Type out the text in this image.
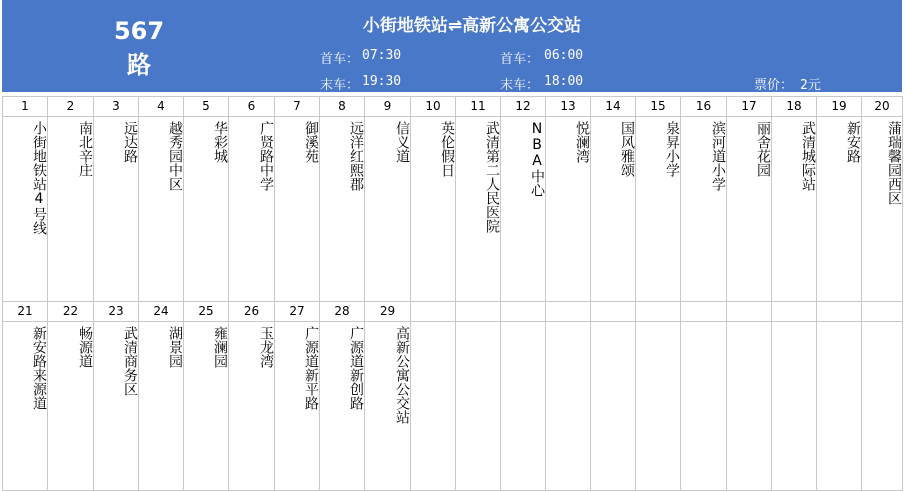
567
路
小街地铁站⇌高新公寓公交站
首车： 07:30
末车： 19:30
首车： 06:00
末车： 18:00	票价： 2元
1
小街地铁站4号线
2
南北辛庄
3
远达路
4
越秀园中区
5
华彩城
6
广贤路中学
7
御溪苑
8
远洋红熙郡
9
信义道
10
英伦假日
11
武清第二人民医院
12
NBA中心
13
悦澜湾
14
国风雅颂
15
泉昇小学
16
滨河道小学
17
丽舍花园
18
武清城际站
19
新安路
20
蒲瑞馨园西区
21
新安路来源道
22
畅源道
23
武清商务区
24
湖景园
25
雍澜园
26
玉龙湾
27
广源道新平路
28
广源道新创路
29
高新公寓公交站
